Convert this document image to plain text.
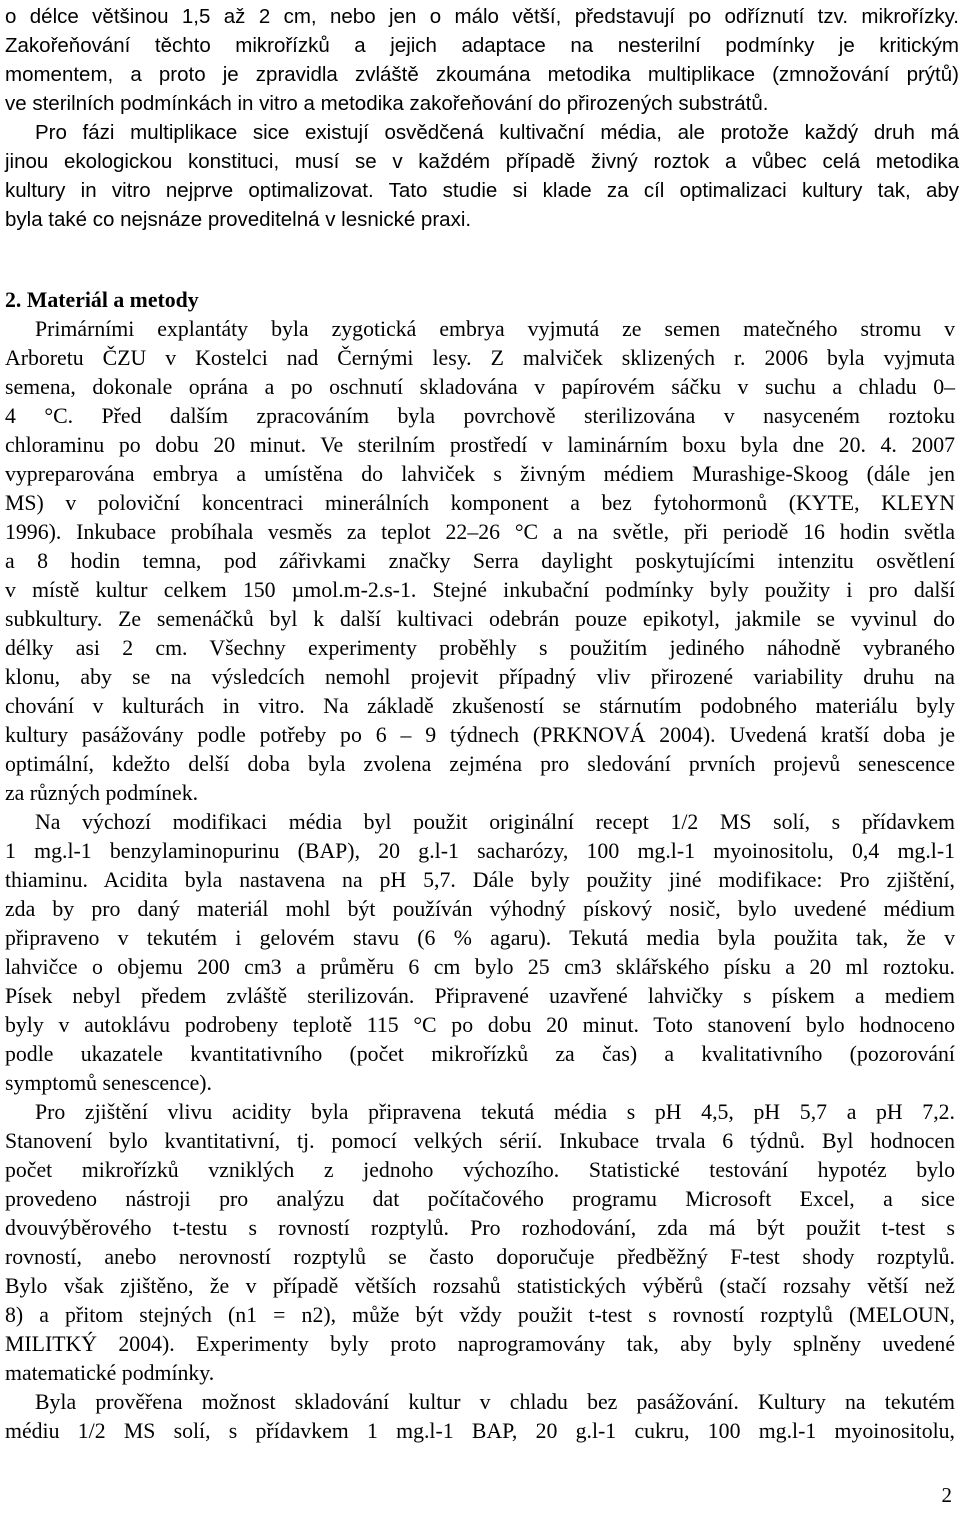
o délce většinou 1,5 až 2 cm, nebo jen o málo větší, představují po odříznutí tzv. mikrořízky.
Zakořeňování těchto mikrořízků a jejich adaptace na nesterilní podmínky je kritickým
momentem, a proto je zpravidla zvláště zkoumána metodika multiplikace (zmnožování prýtů)
ve sterilních podmínkách in vitro a metodika zakořeňování do přirozených substrátů.
Pro fázi multiplikace sice existují osvědčená kultivační média, ale protože každý druh má
jinou ekologickou konstituci, musí se v každém případě živný roztok a vůbec celá metodika
kultury in vitro nejprve optimalizovat. Tato studie si klade za cíl optimalizaci kultury tak, aby
byla také co nejsnáze proveditelná v lesnické praxi.
2. Materiál a metody
Primárními explantáty byla zygotická embrya vyjmutá ze semen matečného stromu v
Arboretu ČZU v Kostelci nad Černými lesy. Z malviček sklizených r. 2006 byla vyjmuta
semena, dokonale oprána a po oschnutí skladována v papírovém sáčku v suchu a chladu 0–
4 °C. Před dalším zpracováním byla povrchově sterilizována v nasyceném roztoku
chloraminu po dobu 20 minut. Ve sterilním prostředí v laminárním boxu byla dne 20. 4. 2007
vypreparována embrya a umístěna do lahviček s živným médiem Murashige-Skoog (dále jen
MS) v poloviční koncentraci minerálních komponent a bez fytohormonů (KYTE, KLEYN
1996). Inkubace probíhala vesměs za teplot 22–26 °C a na světle, při periodě 16 hodin světla
a 8 hodin temna, pod zářivkami značky Serra daylight poskytujícími intenzitu osvětlení
v místě kultur celkem 150 µmol.m-2.s-1. Stejné inkubační podmínky byly použity i pro další
subkultury. Ze semenáčků byl k další kultivaci odebrán pouze epikotyl, jakmile se vyvinul do
délky asi 2 cm. Všechny experimenty proběhly s použitím jediného náhodně vybraného
klonu, aby se na výsledcích nemohl projevit případný vliv přirozené variability druhu na
chování v kulturách in vitro. Na základě zkušeností se stárnutím podobného materiálu byly
kultury pasážovány podle potřeby po 6 – 9 týdnech (PRKNOVÁ 2004). Uvedená kratší doba je
optimální, kdežto delší doba byla zvolena zejména pro sledování prvních projevů senescence
za různých podmínek.
Na výchozí modifikaci média byl použit originální recept 1/2 MS solí, s přídavkem
1 mg.l-1 benzylaminopurinu (BAP), 20 g.l-1 sacharózy, 100 mg.l-1 myoinositolu, 0,4 mg.l-1
thiaminu. Acidita byla nastavena na pH 5,7. Dále byly použity jiné modifikace: Pro zjištění,
zda by pro daný materiál mohl být používán výhodný pískový nosič, bylo uvedené médium
připraveno v tekutém i gelovém stavu (6 % agaru). Tekutá media byla použita tak, že v
lahvičce o objemu 200 cm3 a průměru 6 cm bylo 25 cm3 sklářského písku a 20 ml roztoku.
Písek nebyl předem zvláště sterilizován. Připravené uzavřené lahvičky s pískem a mediem
byly v autoklávu podrobeny teplotě 115 °C po dobu 20 minut. Toto stanovení bylo hodnoceno
podle ukazatele kvantitativního (počet mikrořízků za čas) a kvalitativního (pozorování
symptomů senescence).
Pro zjištění vlivu acidity byla připravena tekutá média s pH 4,5, pH 5,7 a pH 7,2.
Stanovení bylo kvantitativní, tj. pomocí velkých sérií. Inkubace trvala 6 týdnů. Byl hodnocen
počet mikrořízků vzniklých z jednoho výchozího. Statistické testování hypotéz bylo
provedeno nástroji pro analýzu dat počítačového programu Microsoft Excel, a sice
dvouvýběrového t-testu s rovností rozptylů. Pro rozhodování, zda má být použit t-test s
rovností, anebo nerovností rozptylů se často doporučuje předběžný F-test shody rozptylů.
Bylo však zjištěno, že v případě větších rozsahů statistických výběrů (stačí rozsahy větší než
8) a přitom stejných (n1 = n2), může být vždy použit t-test s rovností rozptylů (MELOUN,
MILITKÝ 2004). Experimenty byly proto naprogramovány tak, aby byly splněny uvedené
matematické podmínky.
Byla prověřena možnost skladování kultur v chladu bez pasážování. Kultury na tekutém
médiu 1/2 MS solí, s přídavkem 1 mg.l-1 BAP, 20 g.l-1 cukru, 100 mg.l-1 myoinositolu,
2
